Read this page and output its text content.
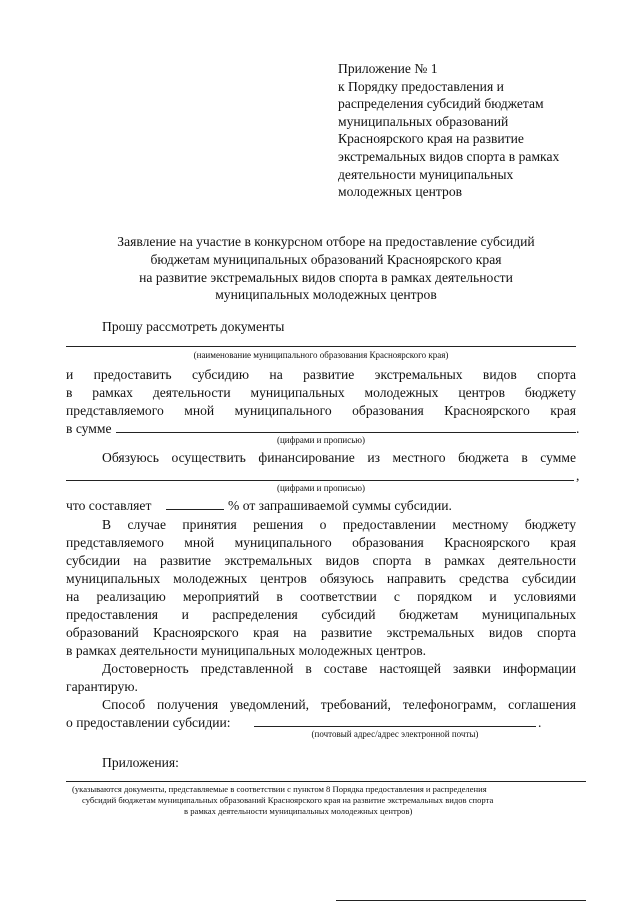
Приложение № 1
к Порядку предоставления и
распределения субсидий бюджетам
муниципальных образований
Красноярского края на развитие
экстремальных видов спорта в рамках
деятельности муниципальных
молодежных центров
Заявление на участие в конкурсном отборе на предоставление субсидий
бюджетам муниципальных образований Красноярского края
на развитие экстремальных видов спорта в рамках деятельности
муниципальных молодежных центров
Прошу рассмотреть документы
(наименование муниципального образования Красноярского края)
и предоставить субсидию на развитие экстремальных видов спорта
в рамках деятельности муниципальных молодежных центров бюджету
представляемого мной муниципального образования Красноярского края
в сумме	.
(цифрами и прописью)
Обязуюсь осуществить финансирование из местного бюджета в сумме
,
(цифрами и прописью)
что составляет	% от запрашиваемой суммы субсидии.
В случае принятия решения о предоставлении местному бюджету
представляемого мной муниципального образования Красноярского края
субсидии на развитие экстремальных видов спорта в рамках деятельности
муниципальных молодежных центров обязуюсь направить средства субсидии
на реализацию мероприятий в соответствии с порядком и условиями
предоставления и распределения субсидий бюджетам муниципальных
образований Красноярского края на развитие экстремальных видов спорта
в рамках деятельности муниципальных молодежных центров.
Достоверность представленной в составе настоящей заявки информации
гарантирую.
Способ получения уведомлений, требований, телефонограмм, соглашения
о предоставлении субсидии:	.
(почтовый адрес/адрес электронной почты)
Приложения:
(указываются документы, представляемые в соответствии с пунктом 8 Порядка предоставления и распределения
субсидий бюджетам муниципальных образований Красноярского края на развитие экстремальных видов спорта
в рамках деятельности муниципальных молодежных центров)
